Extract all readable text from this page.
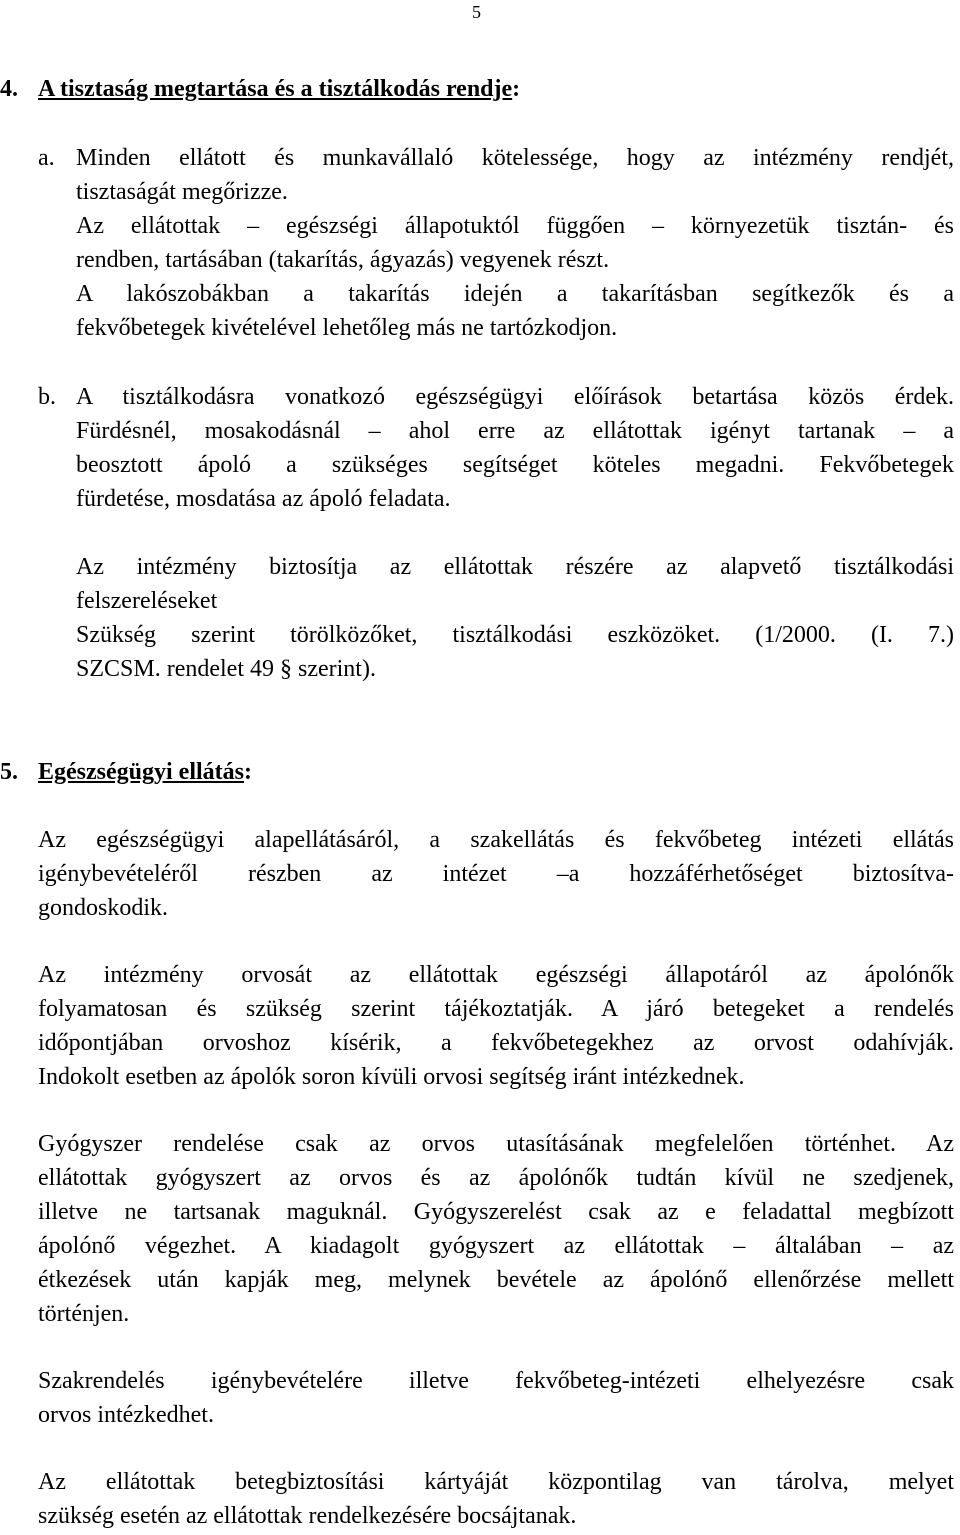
5
4. A tisztaság megtartása és a tisztálkodás rendje:
a. Minden ellátott és munkavállaló kötelessége, hogy az intézmény rendjét,
tisztaságát megőrizze.
Az ellátottak – egészségi állapotuktól függően – környezetük tisztán- és
rendben, tartásában (takarítás, ágyazás) vegyenek részt.
A lakószobákban a takarítás idején a takarításban segítkezők és a
fekvőbetegek kivételével lehetőleg más ne tartózkodjon.
b. A tisztálkodásra vonatkozó egészségügyi előírások betartása közös érdek.
Fürdésnél, mosakodásnál – ahol erre az ellátottak igényt tartanak – a
beosztott ápoló a szükséges segítséget köteles megadni. Fekvőbetegek
fürdetése, mosdatása az ápoló feladata.
Az intézmény biztosítja az ellátottak részére az alapvető tisztálkodási
felszereléseket
Szükség szerint törölközőket, tisztálkodási eszközöket. (1/2000. (I. 7.)
SZCSM. rendelet 49 § szerint).
5. Egészségügyi ellátás:
Az egészségügyi alapellátásáról, a szakellátás és fekvőbeteg intézeti ellátás
igénybevételéről részben az intézet –a hozzáférhetőséget biztosítva-
gondoskodik.
Az intézmény orvosát az ellátottak egészségi állapotáról az ápolónők
folyamatosan és szükség szerint tájékoztatják. A járó betegeket a rendelés
időpontjában orvoshoz kísérik, a fekvőbetegekhez az orvost odahívják.
Indokolt esetben az ápolók soron kívüli orvosi segítség iránt intézkednek.
Gyógyszer rendelése csak az orvos utasításának megfelelően történhet. Az
ellátottak gyógyszert az orvos és az ápolónők tudtán kívül ne szedjenek,
illetve ne tartsanak maguknál. Gyógyszerelést csak az e feladattal megbízott
ápolónő végezhet. A kiadagolt gyógyszert az ellátottak – általában – az
étkezések után kapják meg, melynek bevétele az ápolónő ellenőrzése mellett
történjen.
Szakrendelés igénybevételére illetve fekvőbeteg-intézeti elhelyezésre csak
orvos intézkedhet.
Az ellátottak betegbiztosítási kártyáját központilag van tárolva, melyet
szükség esetén az ellátottak rendelkezésére bocsájtanak.
